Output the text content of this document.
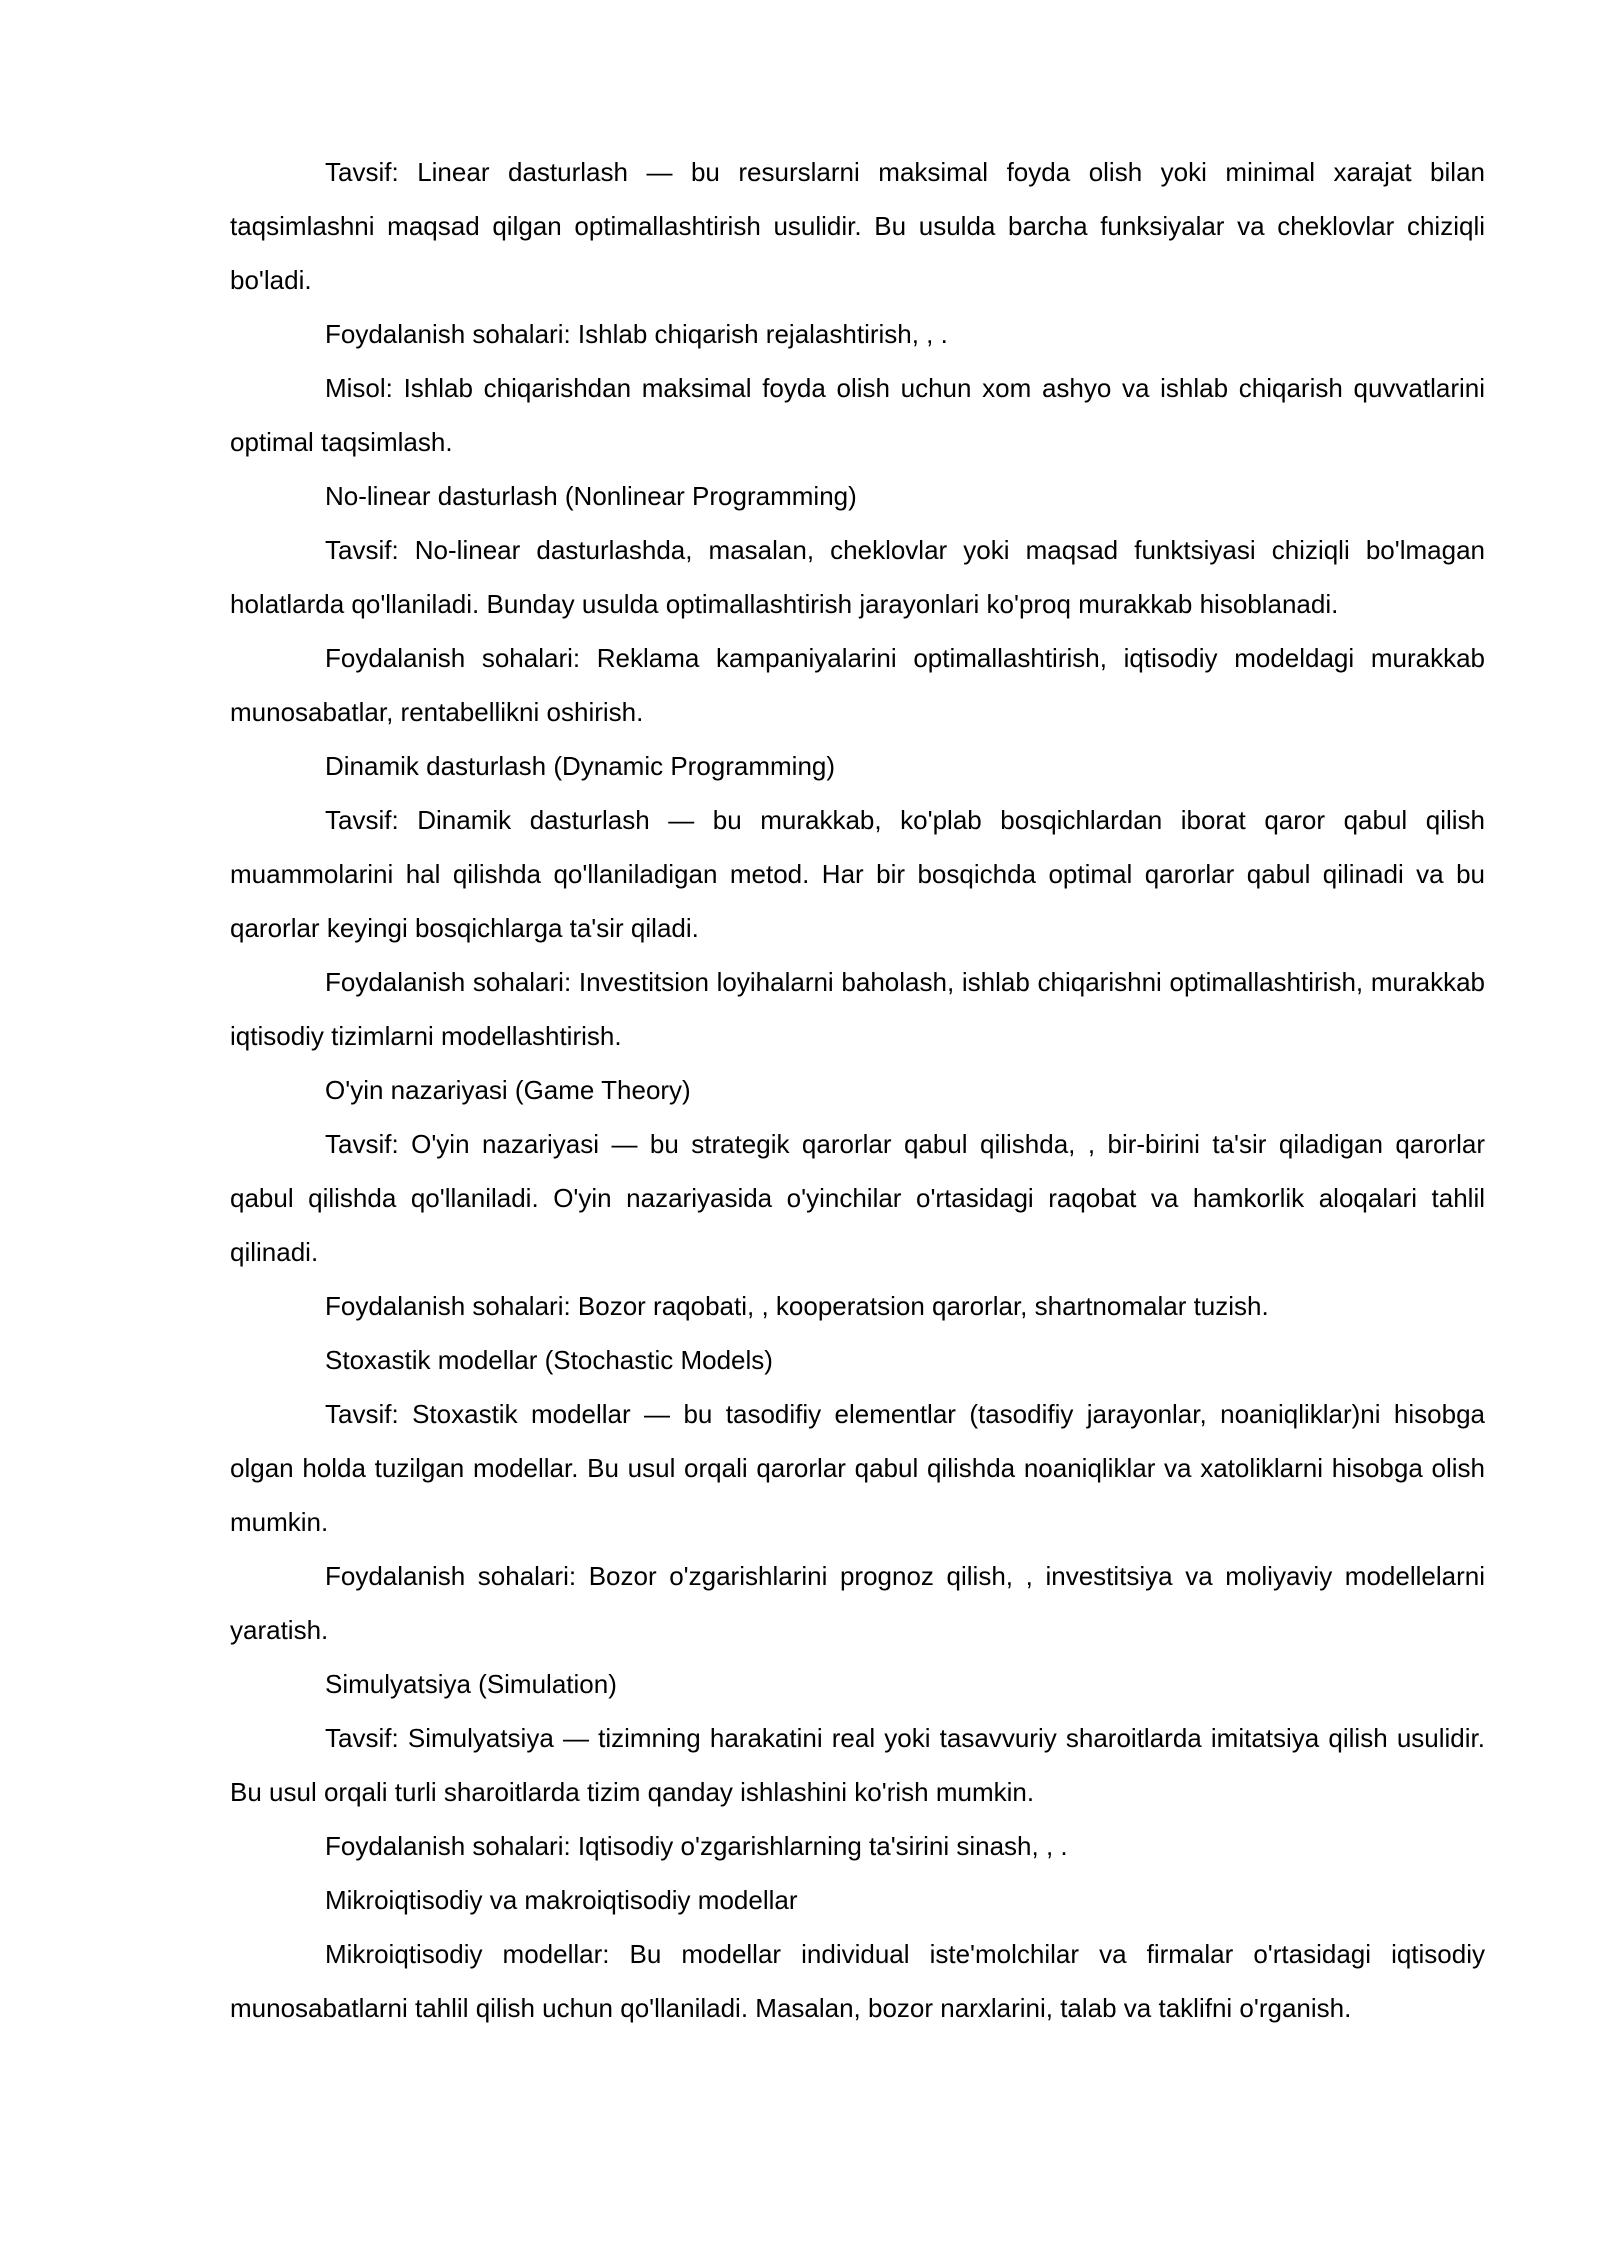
Tavsif: Linear dasturlash — bu resurslarni maksimal foyda olish yoki minimal xarajat bilan taqsimlashni maqsad qilgan optimallashtirish usulidir. Bu usulda barcha funksiyalar va cheklovlar chiziqli bo'ladi.

Foydalanish sohalari: Ishlab chiqarish rejalashtirish, , .

Misol: Ishlab chiqarishdan maksimal foyda olish uchun xom ashyo va ishlab chiqarish quvvatlarini optimal taqsimlash.

No-linear dasturlash (Nonlinear Programming)

Tavsif: No-linear dasturlashda, masalan, cheklovlar yoki maqsad funktsiyasi chiziqli bo'lmagan holatlarda qo'llaniladi. Bunday usulda optimallashtirish jarayonlari ko'proq murakkab hisoblanadi.

Foydalanish sohalari: Reklama kampaniyalarini optimallashtirish, iqtisodiy modeldagi murakkab munosabatlar, rentabellikni oshirish.

Dinamik dasturlash (Dynamic Programming)

Tavsif: Dinamik dasturlash — bu murakkab, ko'plab bosqichlardan iborat qaror qabul qilish muammolarini hal qilishda qo'llaniladigan metod. Har bir bosqichda optimal qarorlar qabul qilinadi va bu qarorlar keyingi bosqichlarga ta'sir qiladi.

Foydalanish sohalari: Investitsion loyihalarni baholash, ishlab chiqarishni optimallashtirish, murakkab iqtisodiy tizimlarni modellashtirish.

O'yin nazariyasi (Game Theory)

Tavsif: O'yin nazariyasi — bu strategik qarorlar qabul qilishda, , bir-birini ta'sir qiladigan qarorlar qabul qilishda qo'llaniladi. O'yin nazariyasida o'yinchilar o'rtasidagi raqobat va hamkorlik aloqalari tahlil qilinadi.

Foydalanish sohalari: Bozor raqobati, , kooperatsion qarorlar, shartnomalar tuzish.

Stoxastik modellar (Stochastic Models)

Tavsif: Stoxastik modellar — bu tasodifiy elementlar (tasodifiy jarayonlar, noaniqliklar)ni hisobga olgan holda tuzilgan modellar. Bu usul orqali qarorlar qabul qilishda noaniqliklar va xatoliklarni hisobga olish mumkin.

Foydalanish sohalari: Bozor o'zgarishlarini prognoz qilish, , investitsiya va moliyaviy modellelarni yaratish.

Simulyatsiya (Simulation)

Tavsif: Simulyatsiya — tizimning harakatini real yoki tasavvuriy sharoitlarda imitatsiya qilish usulidir. Bu usul orqali turli sharoitlarda tizim qanday ishlashini ko'rish mumkin.

Foydalanish sohalari: Iqtisodiy o'zgarishlarning ta'sirini sinash, , .

Mikroiqtisodiy va makroiqtisodiy modellar

Mikroiqtisodiy modellar: Bu modellar individual iste'molchilar va firmalar o'rtasidagi iqtisodiy munosabatlarni tahlil qilish uchun qo'llaniladi. Masalan, bozor narxlarini, talab va taklifni o'rganish.
